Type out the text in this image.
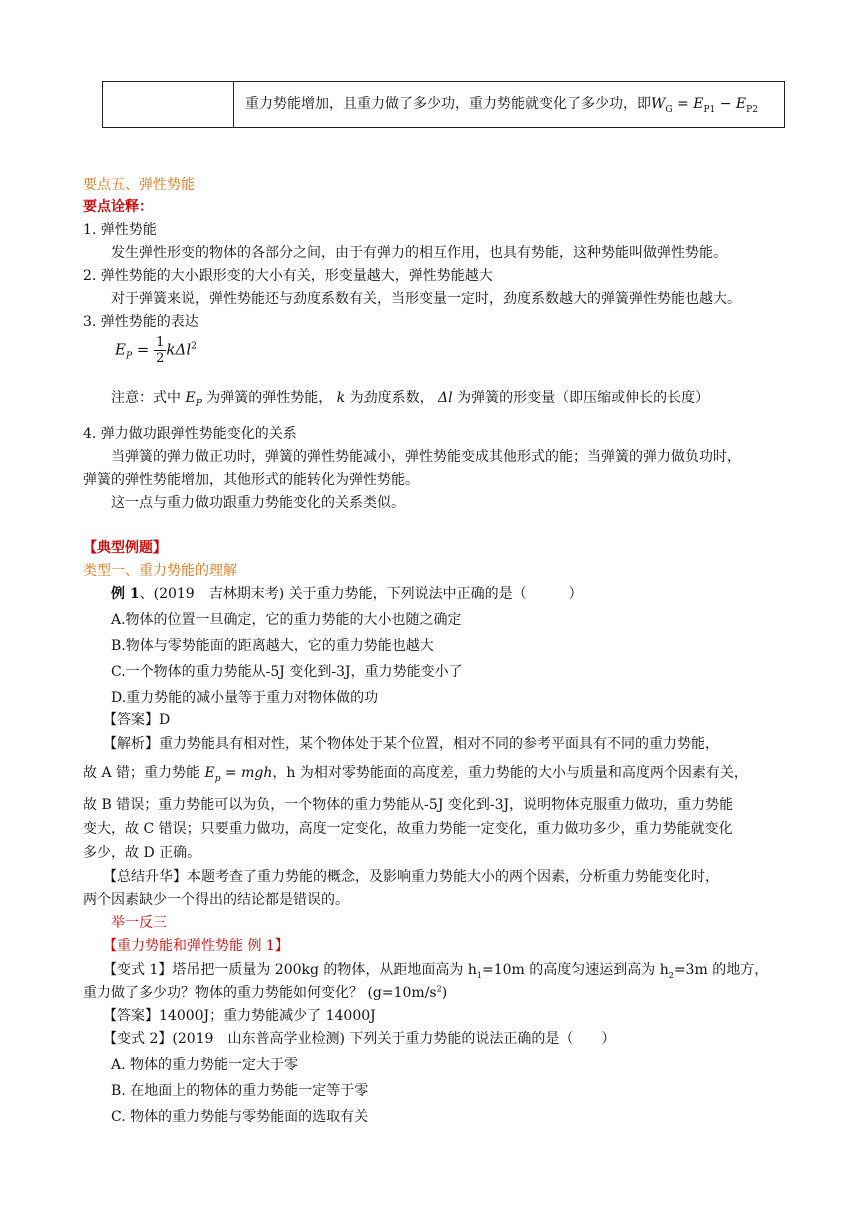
重力势能增加，且重力做了多少功，重力势能就变化了多少功，即$W_G = E_{P1} - E_{P2}$
要点五、弹性势能
要点诠释：
1. 弹性势能
发生弹性形变的物体的各部分之间，由于有弹力的相互作用，也具有势能，这种势能叫做弹性势能。
2. 弹性势能的大小跟形变的大小有关，形变量越大，弹性势能越大
对于弹簧来说，弹性势能还与劲度系数有关，当形变量一定时，劲度系数越大的弹簧弹性势能也越大。
3. 弹性势能的表达
$E_P = \frac{1}{2} k\Delta l^2$
注意：式中 $E_P$ 为弹簧的弹性势能， k 为劲度系数， Δl 为弹簧的形变量（即压缩或伸长的长度）
4. 弹力做功跟弹性势能变化的关系
当弹簧的弹力做正功时，弹簧的弹性势能减小，弹性势能变成其他形式的能；当弹簧的弹力做负功时，
弹簧的弹性势能增加，其他形式的能转化为弹性势能。
这一点与重力做功跟重力势能变化的关系类似。
【典型例题】
类型一、重力势能的理解
例 1、(2019　吉林期末考) 关于重力势能，下列说法中正确的是（　　　）
A.物体的位置一旦确定，它的重力势能的大小也随之确定
B.物体与零势能面的距离越大，它的重力势能也越大
C.一个物体的重力势能从-5J 变化到-3J，重力势能变小了
D.重力势能的减小量等于重力对物体做的功
【答案】D
【解析】重力势能具有相对性，某个物体处于某个位置，相对不同的参考平面具有不同的重力势能，
故 A 错；重力势能 $E_p$ = mgh，h 为相对零势能面的高度差，重力势能的大小与质量和高度两个因素有关，
故 B 错误；重力势能可以为负，一个物体的重力势能从-5J 变化到-3J，说明物体克服重力做功，重力势能
变大，故 C 错误；只要重力做功，高度一定变化，故重力势能一定变化，重力做功多少，重力势能就变化
多少，故 D 正确。
【总结升华】本题考查了重力势能的概念，及影响重力势能大小的两个因素，分析重力势能变化时，
两个因素缺少一个得出的结论都是错误的。
举一反三
【重力势能和弹性势能 例 1】
【变式 1】塔吊把一质量为 200kg 的物体，从距地面高为 $h_1=10m$ 的高度匀速运到高为 $h_2=3m$ 的地方，
重力做了多少功？物体的重力势能如何变化？ $(g=10m/s^2)$
【答案】14000J；重力势能减少了 14000J
【变式 2】(2019　山东普高学业检测) 下列关于重力势能的说法正确的是（　　）
A. 物体的重力势能一定大于零
B. 在地面上的物体的重力势能一定等于零
C. 物体的重力势能与零势能面的选取有关
